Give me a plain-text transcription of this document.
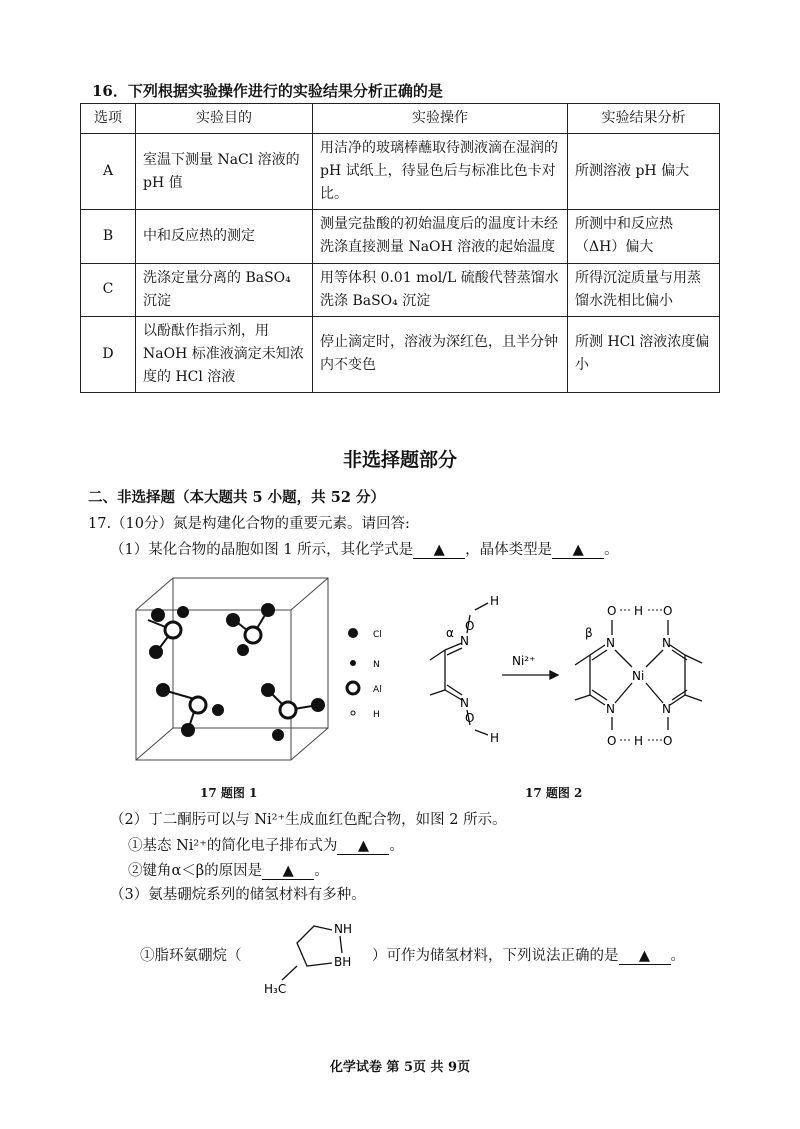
16．下列根据实验操作进行的实验结果分析正确的是
选项	实验目的	实验操作	实验结果分析
A	室温下测量 NaCl 溶液的 pH 值	用洁净的玻璃棒蘸取待测液滴在湿润的 pH 试纸上，待显色后与标准比色卡对比。	所测溶液 pH 偏大
B	中和反应热的测定	测量完盐酸的初始温度后的温度计未经洗涤直接测量 NaOH 溶液的起始温度	所测中和反应热（ΔH）偏大
C	洗涤定量分离的 BaSO₄ 沉淀	用等体积 0.01 mol/L 硫酸代替蒸馏水洗涤 BaSO₄ 沉淀	所得沉淀质量与用蒸馏水洗相比偏小
D	以酚酞作指示剂，用 NaOH 标准液滴定未知浓度的 HCl 溶液	停止滴定时，溶液为深红色，且半分钟内不变色	所测 HCl 溶液浓度偏小
非选择题部分
二、非选择题（本大题共 5 小题，共 52 分）
17.（10分）氮是构建化合物的重要元素。请回答:
（1）某化合物的晶胞如图 1 所示，其化学式是 ▲ ，晶体类型是 ▲ 。
Cl
N
Al
H
N
O
H
N
O
H
α
Ni²⁺
β
N	N
N	N
Ni
O H O
O H O
17 题图 1	17 题图 2
（2）丁二酮肟可以与 Ni²⁺生成血红色配合物，如图 2 所示。
①基态 Ni²⁺的简化电子排布式为 ▲ 。
②键角α＜β的原因是 ▲ 。
（3）氨基硼烷系列的储氢材料有多种。
①脂环氨硼烷（
NH
BH
H₃C
）可作为储氢材料，下列说法正确的是 ▲ 。
化学试卷 第 5页 共 9页
